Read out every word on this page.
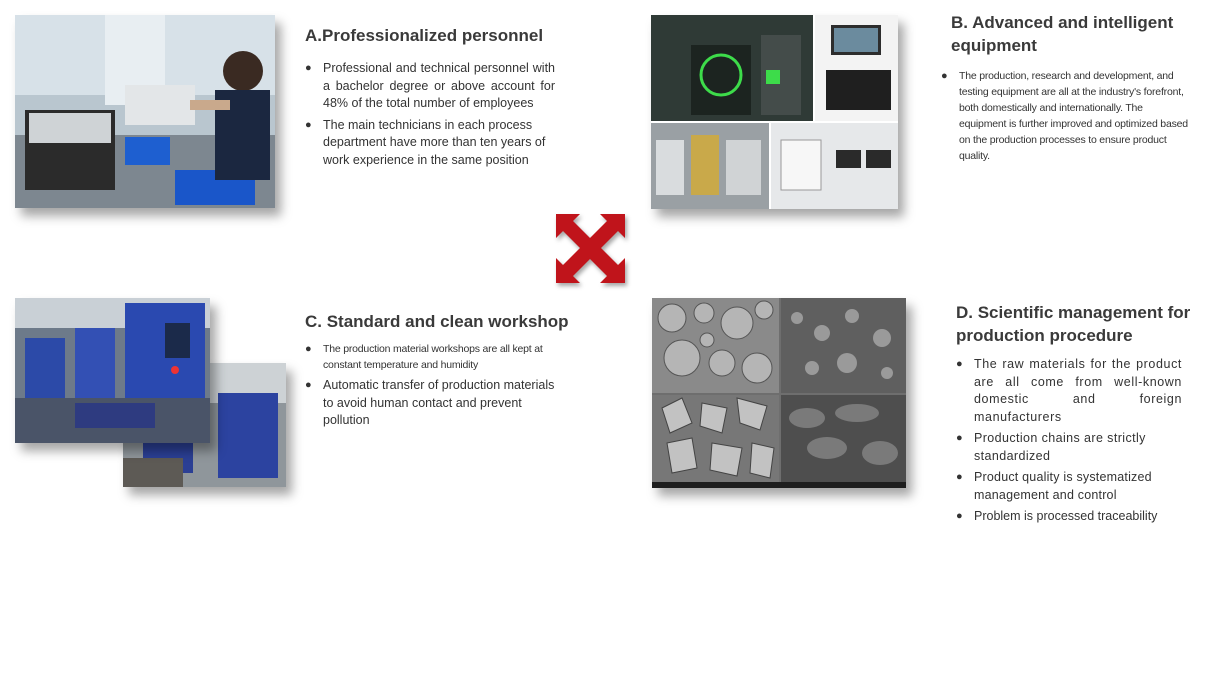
A.Professionalized personnel
● Professional and technical personnel with a bachelor degree or above account for 48% of the total number of employees
● The main technicians in each process department have more than ten years of work experience in the same position
B. Advanced and intelligent equipment
● The production, research and development, and testing equipment are all at the industry's forefront, both domestically and internationally. The equipment is further improved and optimized based on the production processes to ensure product quality.
C. Standard and clean workshop
● The production material workshops are all kept at constant temperature and humidity
● Automatic transfer of production materials to avoid human contact and prevent pollution
D. Scientific management for production procedure
● The raw materials for the product are all come from well-known domestic and foreign manufacturers
● Production chains are strictly standardized
● Product quality is systematized management and control
● Problem is processed traceability
